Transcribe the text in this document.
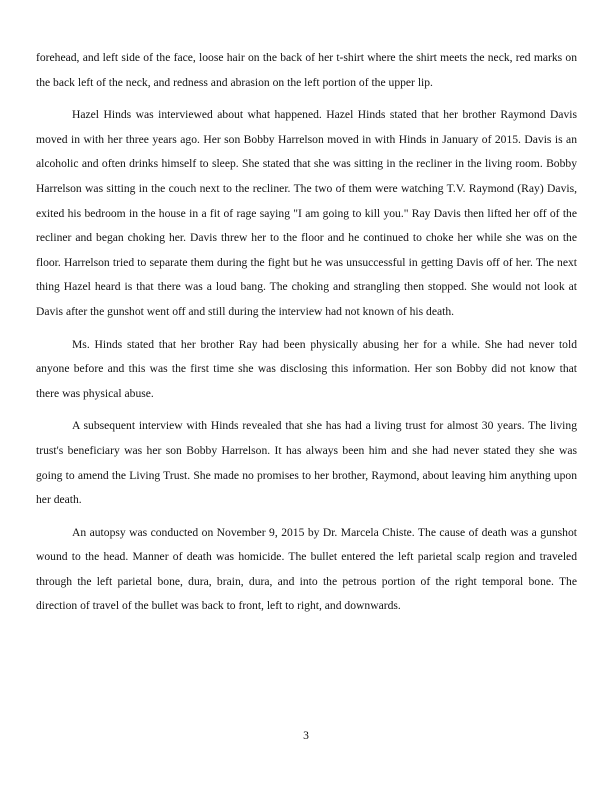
forehead, and left side of the face, loose hair on the back of her t-shirt where the shirt meets the neck, red marks on the back left of the neck, and redness and abrasion on the left portion of the upper lip.

Hazel Hinds was interviewed about what happened. Hazel Hinds stated that her brother Raymond Davis moved in with her three years ago. Her son Bobby Harrelson moved in with Hinds in January of 2015. Davis is an alcoholic and often drinks himself to sleep. She stated that she was sitting in the recliner in the living room. Bobby Harrelson was sitting in the couch next to the recliner. The two of them were watching T.V. Raymond (Ray) Davis, exited his bedroom in the house in a fit of rage saying "I am going to kill you." Ray Davis then lifted her off of the recliner and began choking her. Davis threw her to the floor and he continued to choke her while she was on the floor. Harrelson tried to separate them during the fight but he was unsuccessful in getting Davis off of her. The next thing Hazel heard is that there was a loud bang. The choking and strangling then stopped. She would not look at Davis after the gunshot went off and still during the interview had not known of his death.

Ms. Hinds stated that her brother Ray had been physically abusing her for a while. She had never told anyone before and this was the first time she was disclosing this information. Her son Bobby did not know that there was physical abuse.

A subsequent interview with Hinds revealed that she has had a living trust for almost 30 years. The living trust's beneficiary was her son Bobby Harrelson. It has always been him and she had never stated they she was going to amend the Living Trust. She made no promises to her brother, Raymond, about leaving him anything upon her death.

An autopsy was conducted on November 9, 2015 by Dr. Marcela Chiste. The cause of death was a gunshot wound to the head. Manner of death was homicide. The bullet entered the left parietal scalp region and traveled through the left parietal bone, dura, brain, dura, and into the petrous portion of the right temporal bone. The direction of travel of the bullet was back to front, left to right, and downwards.

3
